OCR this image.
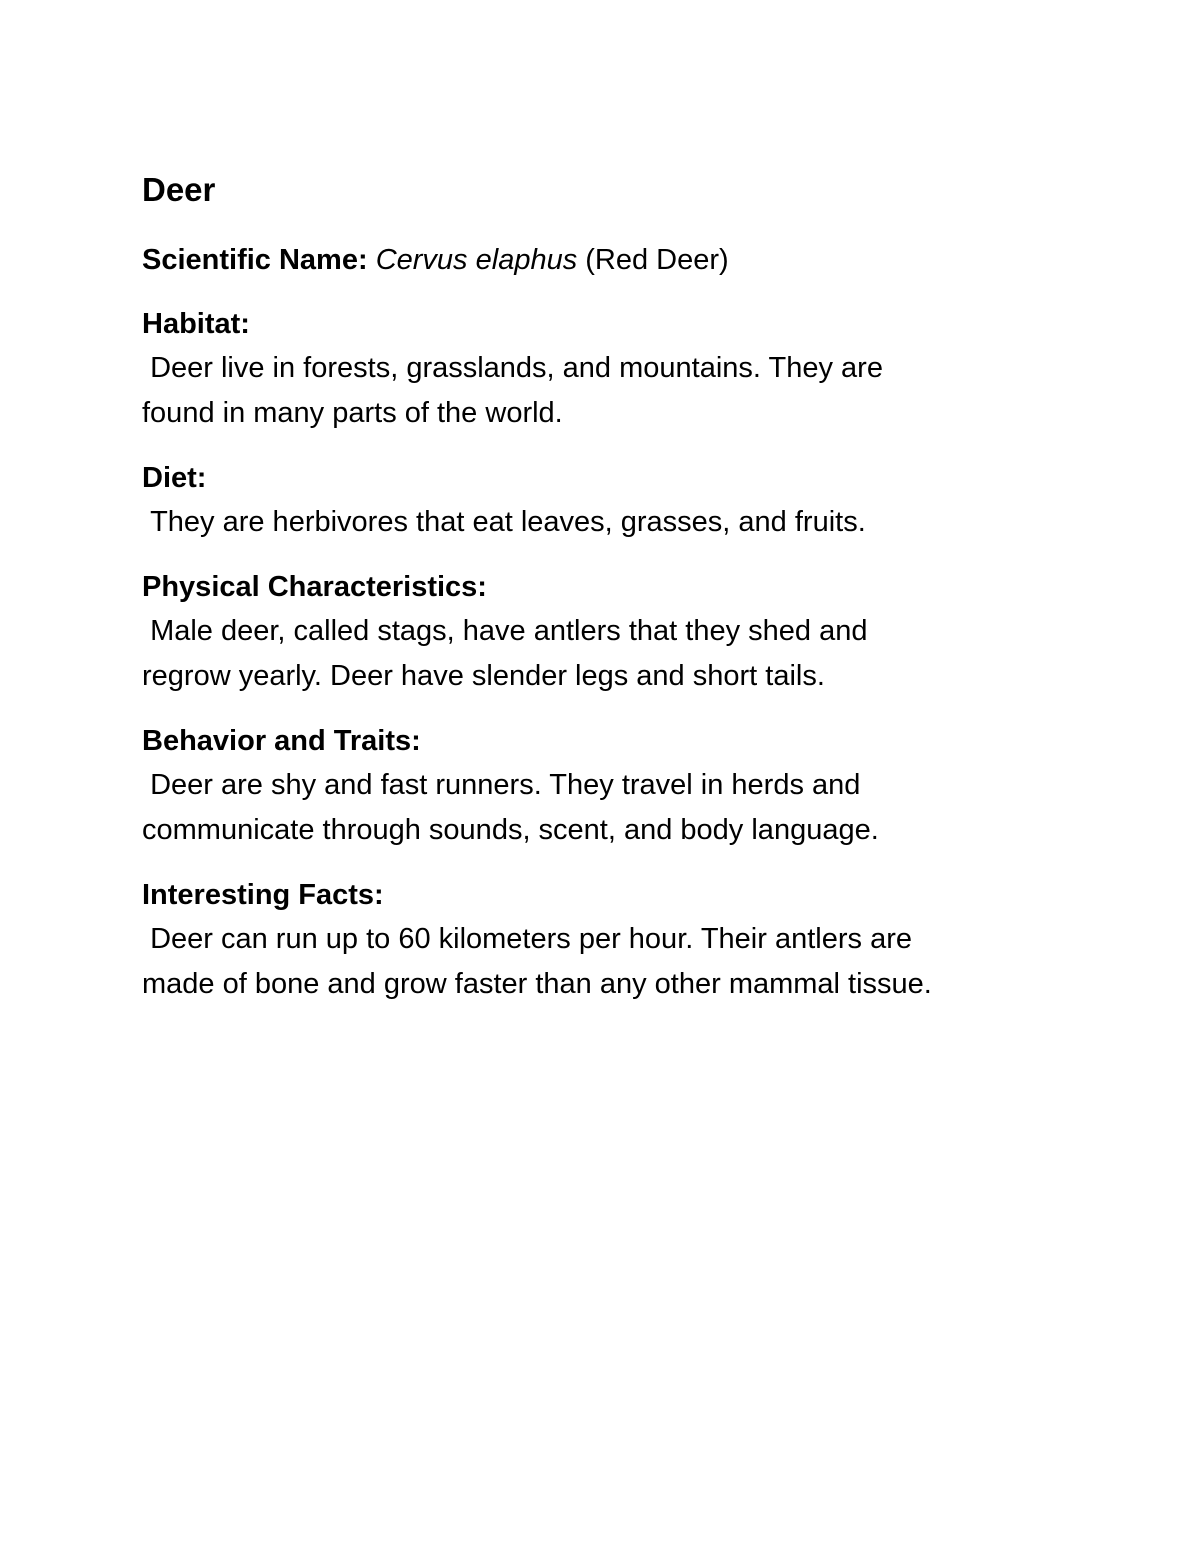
Deer
Scientific Name: Cervus elaphus (Red Deer)
Habitat:
Deer live in forests, grasslands, and mountains. They are
found in many parts of the world.
Diet:
They are herbivores that eat leaves, grasses, and fruits.
Physical Characteristics:
Male deer, called stags, have antlers that they shed and
regrow yearly. Deer have slender legs and short tails.
Behavior and Traits:
Deer are shy and fast runners. They travel in herds and
communicate through sounds, scent, and body language.
Interesting Facts:
Deer can run up to 60 kilometers per hour. Their antlers are
made of bone and grow faster than any other mammal tissue.
